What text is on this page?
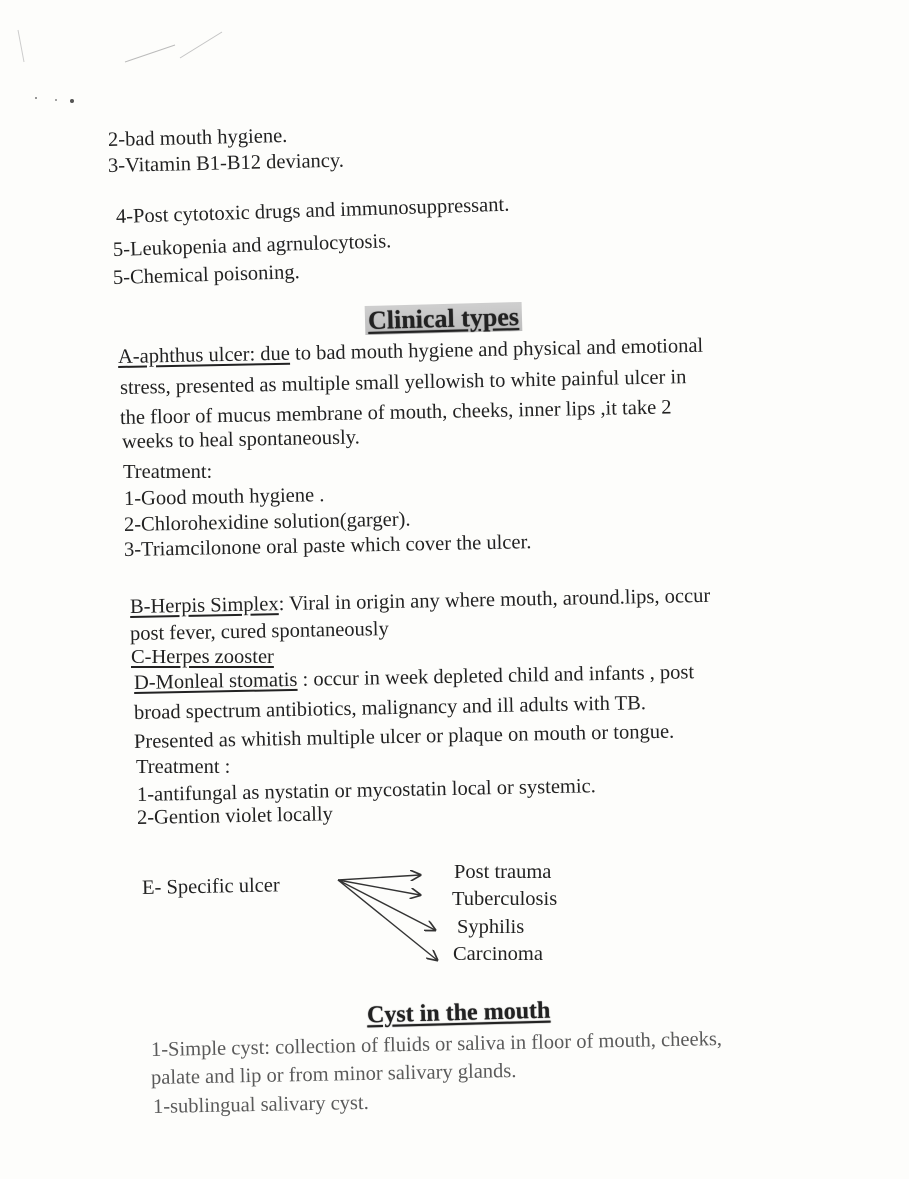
2-bad mouth hygiene.
3-Vitamin B1-B12 deviancy.
4-Post cytotoxic drugs and immunosuppressant.
5-Leukopenia and agrnulocytosis.
5-Chemical poisoning.
Clinical types
A-aphthus ulcer: due to bad mouth hygiene and physical and emotional
stress, presented as multiple small yellowish to white painful ulcer in
the floor of mucus membrane of mouth, cheeks, inner lips ,it take 2
weeks to heal spontaneously.
Treatment:
1-Good mouth hygiene .
2-Chlorohexidine solution(garger).
3-Triamcilonone oral paste which cover the ulcer.
B-Herpis Simplex: Viral in origin any where mouth, around.lips, occur
post fever, cured spontaneously
C-Herpes zooster
D-Monleal stomatis : occur in week depleted child and infants , post
broad spectrum antibiotics, malignancy and ill adults with TB.
Presented as whitish multiple ulcer or plaque on mouth or tongue.
Treatment :
1-antifungal as nystatin or mycostatin local or systemic.
2-Gention violet locally
E- Specific ulcer
Post trauma
Tuberculosis
Syphilis
Carcinoma
Cyst in the mouth
1-Simple cyst: collection of fluids or saliva in floor of mouth, cheeks,
palate and lip or from minor salivary glands.
1-sublingual salivary cyst.
